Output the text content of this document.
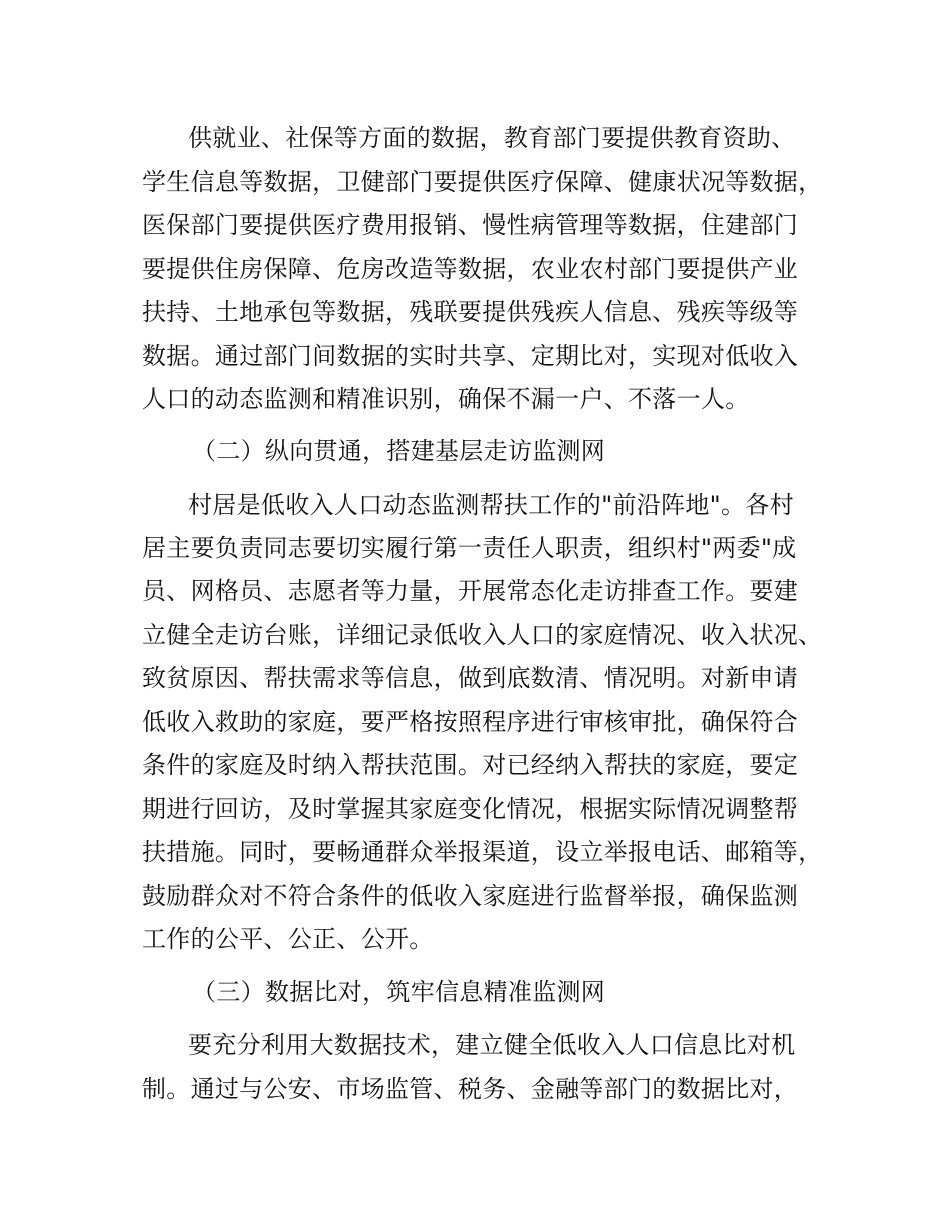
供就业、社保等方面的数据，教育部门要提供教育资助、
学生信息等数据，卫健部门要提供医疗保障、健康状况等数据，
医保部门要提供医疗费用报销、慢性病管理等数据，住建部门
要提供住房保障、危房改造等数据，农业农村部门要提供产业
扶持、土地承包等数据，残联要提供残疾人信息、残疾等级等
数据。通过部门间数据的实时共享、定期比对，实现对低收入
人口的动态监测和精准识别，确保不漏一户、不落一人。
（二）纵向贯通，搭建基层走访监测网
村居是低收入人口动态监测帮扶工作的"前沿阵地"。各村
居主要负责同志要切实履行第一责任人职责，组织村"两委"成
员、网格员、志愿者等力量，开展常态化走访排查工作。要建
立健全走访台账，详细记录低收入人口的家庭情况、收入状况、
致贫原因、帮扶需求等信息，做到底数清、情况明。对新申请
低收入救助的家庭，要严格按照程序进行审核审批，确保符合
条件的家庭及时纳入帮扶范围。对已经纳入帮扶的家庭，要定
期进行回访，及时掌握其家庭变化情况，根据实际情况调整帮
扶措施。同时，要畅通群众举报渠道，设立举报电话、邮箱等，
鼓励群众对不符合条件的低收入家庭进行监督举报，确保监测
工作的公平、公正、公开。
（三）数据比对，筑牢信息精准监测网
要充分利用大数据技术，建立健全低收入人口信息比对机
制。通过与公安、市场监管、税务、金融等部门的数据比对，
